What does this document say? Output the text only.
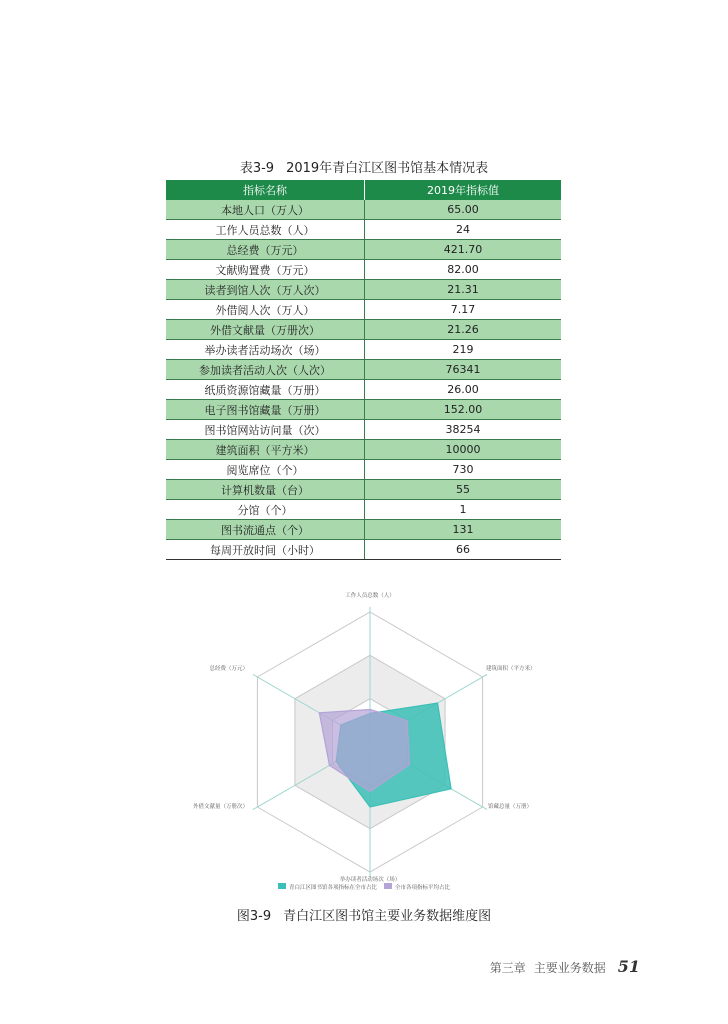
表3-9 2019年青白江区图书馆基本情况表
指标名称	2019年指标值
本地人口（万人）	65.00
工作人员总数（人）	24
总经费（万元）	421.70
文献购置费（万元）	82.00
读者到馆人次（万人次）	21.31
外借阅人次（万人）	7.17
外借文献量（万册次）	21.26
举办读者活动场次（场）	219
参加读者活动人次（人次）	76341
纸质资源馆藏量（万册）	26.00
电子图书馆藏量（万册）	152.00
图书馆网站访问量（次）	38254
建筑面积（平方米）	10000
阅览席位（个）	730
计算机数量（台）	55
分馆（个）	1
图书流通点（个）	131
每周开放时间（小时）	66
工作人员总数（人）
建筑面积（平方米）
馆藏总量（万册）
举办读者活动场次（场）
外借文献量（万册次）
总经费（万元）
青白江区图书馆各项指标在全市占比	全市各项指标平均占比
图3-9 青白江区图书馆主要业务数据维度图
第三章 主要业务数据 51
